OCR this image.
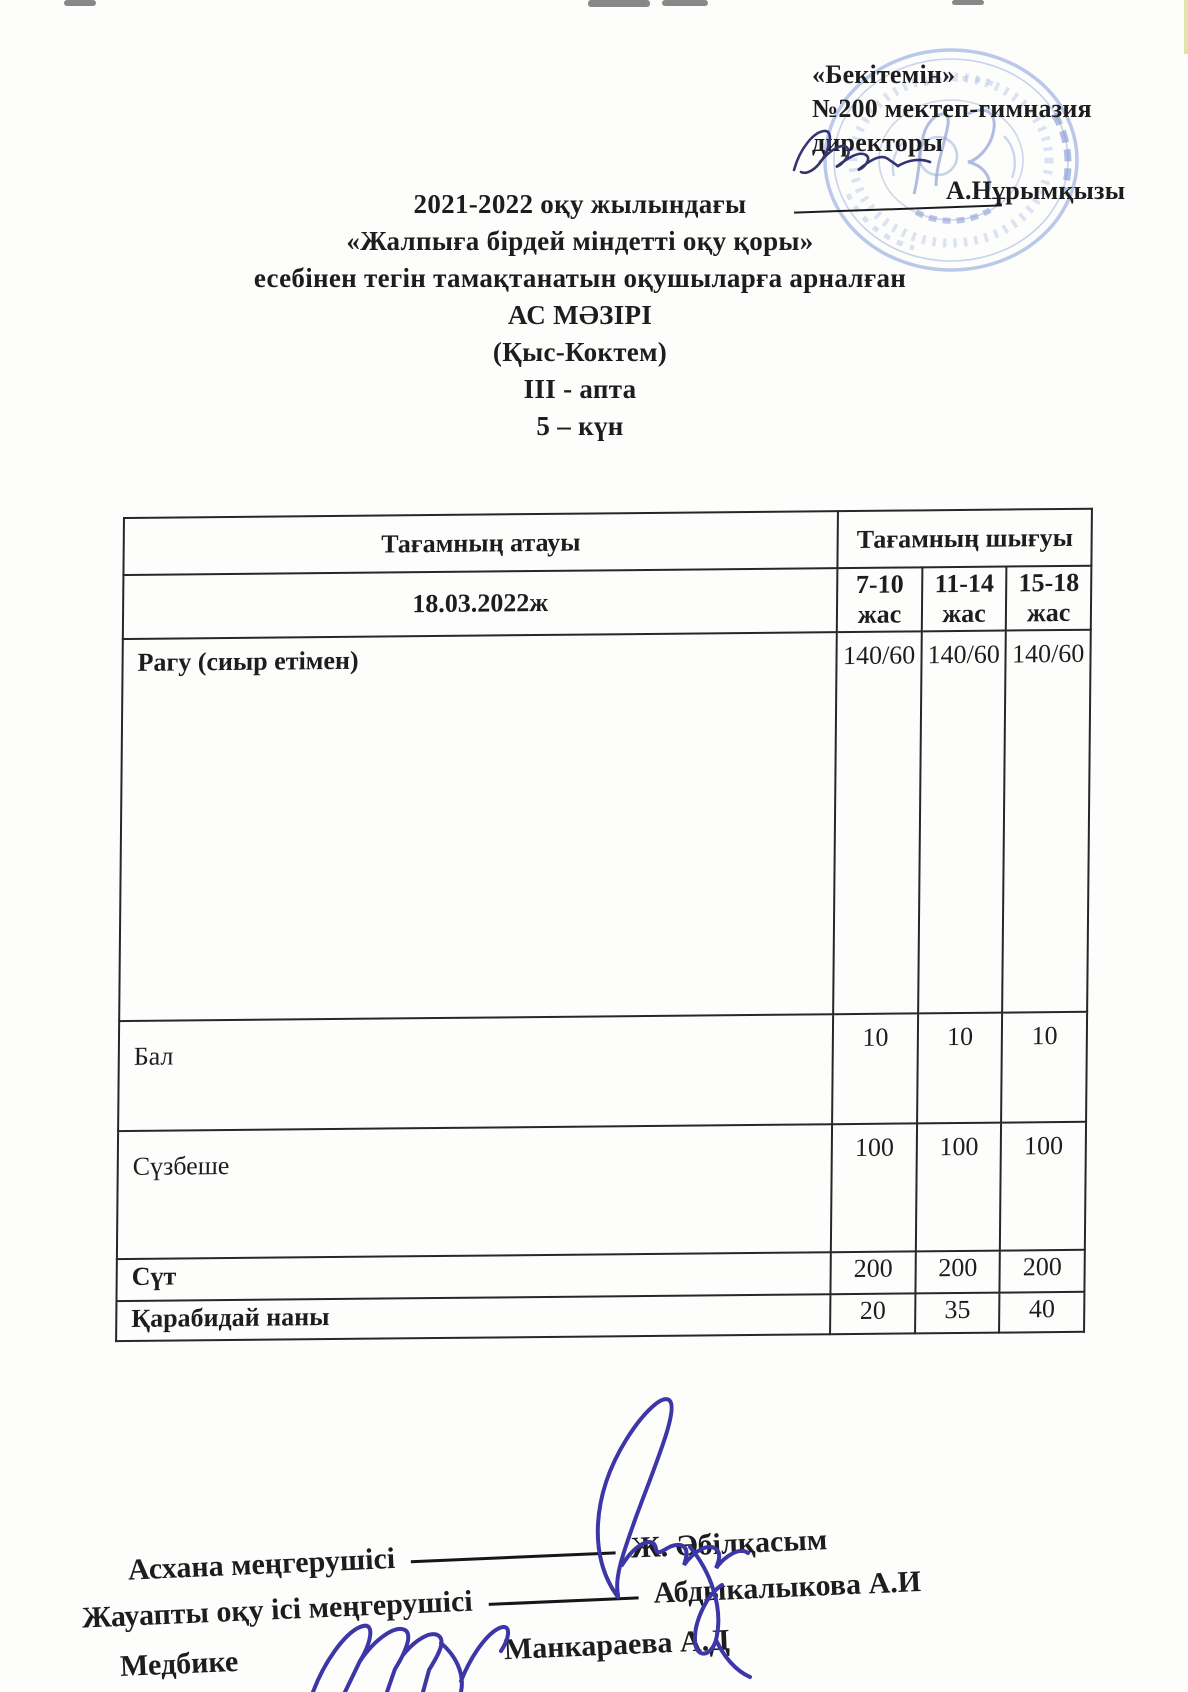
«Бекітемін»
№200 мектеп-гимназия
директоры
А.Нұрымқызы
2021-2022 оқу жылындағы
«Жалпыға бірдей міндетті оқу қоры»
есебінен тегін тамақтанатын оқушыларға арналған
АС МӘЗІРІ
(Қыс-Коктем)
III - апта
5 – күн
Тағамның атауы	Тағамның шығуы		
18.03.2022ж	7-10 жас	11-14 жас	15-18 жас
Рагу (сиыр етімен)	140/60	140/60	140/60
Бал	10	10	10
Сүзбеше	100	100	100
Сүт	200	200	200
Қарабидай наны	20	35	40
Асхана меңгерушісі	Ж. Әбілқасым
Жауапты оқу ісі меңгерушісі	Абдыкалыкова А.И
Медбике	Манкараева А.Д
